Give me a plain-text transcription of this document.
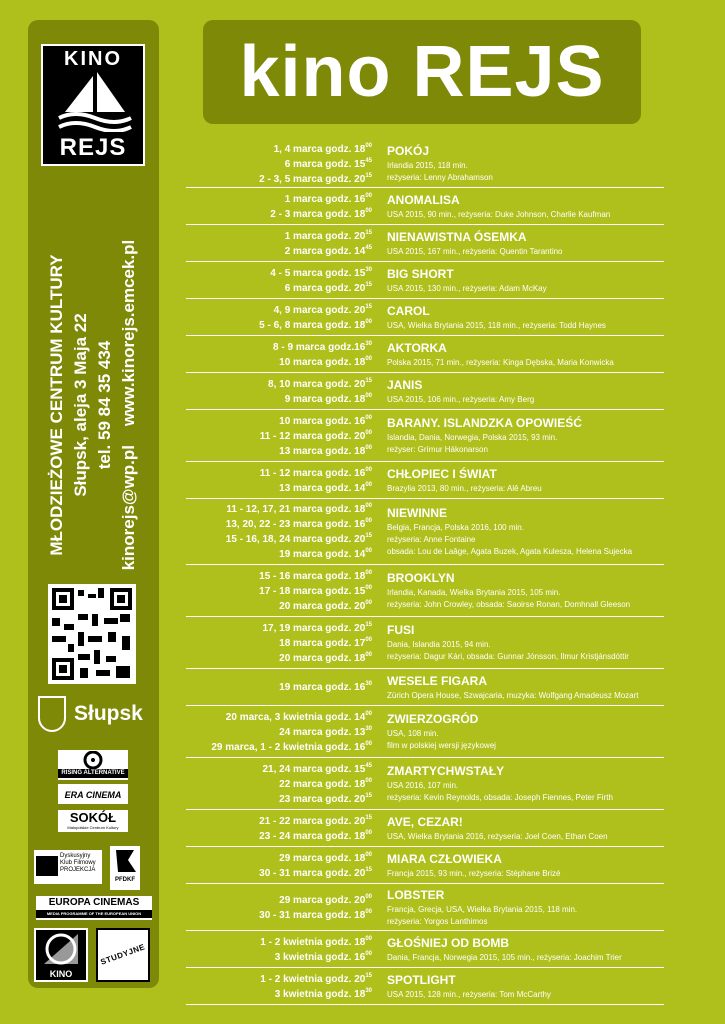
KINO
REJS
MŁODZIEŻOWE CENTRUM KULTURY Słupsk, aleja 3 Maja 22 tel. 59 84 35 434 kinorejs@wp.pl    www.kinorejs.emcek.pl
Słupsk
RISING ALTERNATIVE
ERA CINEMA
SOKÓŁ
Małopolskie Centrum Kultury
Dyskusyjny Klub Filmowy PROJEKCJA
PFDKF
EUROPA CINEMAS
MEDIA PROGRAMME OF THE EUROPEAN UNION
KINO
STUDYJNE
kino REJS
1, 4 marca godz. $18^{00}$
6 marca godz. $15^{45}$
2 - 3, 5 marca godz. $20^{15}$
POKÓJ
Irlandia 2015, 118 min.
reżyseria: Lenny Abrahamson
1 marca godz. $16^{00}$
2 - 3 marca godz. $18^{00}$
ANOMALISA
USA 2015, 90 min., reżyseria: Duke Johnson, Charlie Kaufman
1 marca godz. $20^{15}$
2 marca godz. $14^{45}$
NIENAWISTNA ÓSEMKA
USA 2015, 167 min., reżyseria: Quentin Tarantino
4 - 5 marca godz. $15^{30}$
6 marca godz. $20^{15}$
BIG SHORT
USA 2015, 130 min., reżyseria: Adam McKay
4, 9 marca godz. $20^{15}$
5 - 6, 8 marca godz. $18^{00}$
CAROL
USA, Wielka Brytania 2015, 118 min., reżyseria: Todd Haynes
8 - 9 marca $godz.16^{30}$
10 marca godz. $18^{00}$
AKTORKA
Polska 2015, 71 min., reżyseria: Kinga Dębska, Maria Konwicka
8, 10 marca godz. $20^{15}$
9 marca godz. $18^{00}$
JANIS
USA 2015, 106 min., reżyseria: Amy Berg
10 marca godz. $16^{00}$
11 - 12 marca godz. $20^{00}$
13 marca godz. $18^{00}$
BARANY. ISLANDZKA OPOWIEŚĆ
Islandia, Dania, Norwegia, Polska 2015, 93 min.
reżyser: Grímur Hákonarson
11 - 12 marca godz. $16^{00}$
13 marca godz. $14^{00}$
CHŁOPIEC I ŚWIAT
Brazylia 2013, 80 min., reżyseria: Alê Abreu
11 - 12, 17, 21 marca godz. $18^{00}$
13, 20, 22 - 23 marca godz. $16^{00}$
15 - 16, 18, 24 marca godz. $20^{15}$
19 marca godz. $14^{00}$
NIEWINNE
Belgia, Francja, Polska 2016, 100 min.
reżyseria: Anne Fontaine
obsada: Lou de Laâge, Agata Buzek, Agata Kulesza, Helena Sujecka
15 - 16 marca godz. $18^{00}$
17 - 18 marca godz. $15^{00}$
20 marca godz. $20^{00}$
BROOKLYN
Irlandia, Kanada, Wielka Brytania 2015, 105 min.
reżyseria: John Crowley, obsada: Saoirse Ronan, Domhnall Gleeson
17, 19 marca godz. $20^{15}$
18 marca godz. $17^{00}$
20 marca godz. $18^{00}$
FUSI
Dania, Islandia 2015, 94 min.
reżyseria: Dagur Kári, obsada: Gunnar Jónsson, Ilmur Kristjánsdóttir
19 marca godz. $16^{30}$ WESELE FIGARA
Zürich Opera House, Szwajcaria, muzyka: Wolfgang Amadeusz Mozart
20 marca, 3 kwietnia godz. $14^{00}$
24 marca godz. $13^{30}$
29 marca, 1 - 2 kwietnia godz. $16^{00}$
ZWIERZOGRÓD
USA, 108 min.
film w polskiej wersji językowej
21, 24 marca godz. $15^{45}$
22 marca godz. $18^{00}$
23 marca godz. $20^{15}$
ZMARTYCHWSTAŁY
USA 2016, 107 min.
reżyseria: Kevin Reynolds, obsada: Joseph Fiennes, Peter Firth
21 - 22 marca godz. $20^{15}$
23 - 24 marca godz. $18^{00}$
AVE, CEZAR!
USA, Wielka Brytania 2016, reżyseria: Joel Coen, Ethan Coen
29 marca godz. $18^{00}$
30 - 31 marca godz. $20^{15}$
MIARA CZŁOWIEKA
Francja 2015, 93 min., reżyseria: Stéphane Brizé
29 marca godz. $20^{00}$
30 - 31 marca godz. $18^{00}$
LOBSTER
Francja, Grecja, USA, Wielka Brytania 2015, 118 min.
reżyseria: Yorgos Lanthimos
1 - 2 kwietnia godz. $18^{00}$
3 kwietnia godz. $16^{00}$
GŁOŚNIEJ OD BOMB
Dania, Francja, Norwegia 2015, 105 min., reżyseria: Joachim Trier
1 - 2 kwietnia godz. $20^{15}$
3 kwietnia godz. $18^{30}$
SPOTLIGHT
USA 2015, 128 min., reżyseria: Tom McCarthy
